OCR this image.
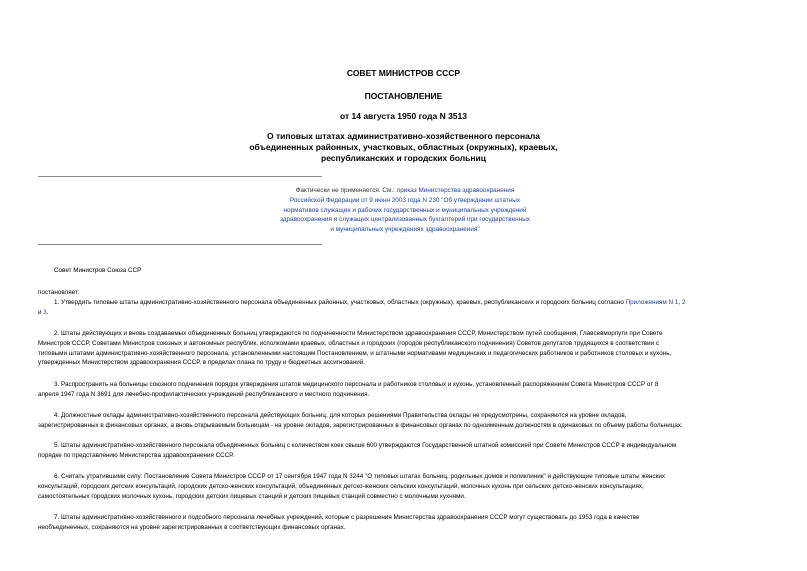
СОВЕТ МИНИСТРОВ СССР
ПОСТАНОВЛЕНИЕ
от 14 августа 1950 года N 3513
О типовых штатах административно-хозяйственного персонала
объединенных районных, участковых, областных (окружных), краевых,
республиканских и городских больниц
Фактически не применяется. См.: приказ Министерства здравоохранения
Российской Федерации от 9 июня 2003 года N 230 "Об утверждении штатных
нормативов служащих и рабочих государственных и муниципальных учреждений
здравоохранения и служащих централизованных бухгалтерий при государственных
и муниципальных учреждениях здравоохранения"
Совет Министров Союза ССР
постановляет:
1. Утвердить типовые штаты административно-хозяйственного персонала объединенных районных, участковых, областных (окружных), краевых, республиканских и городских больниц согласно Приложениям N 1, 2
и 3.
2. Штаты действующих и вновь создаваемых объединенных больниц утверждаются по подчиненности Министерством здравоохранения СССР, Министерством путей сообщения, Главсевморпути при Совете
Министров СССР, Советами Министров союзных и автономных республик, исполкомами краевых, областных и городских (городов республиканского подчинения) Советов депутатов трудящихся в соответствии с
типовыми штатами административно-хозяйственного персонала, установленными настоящим Постановлением, и штатными нормативами медицинских и педагогических работников и работников столовых и кухонь,
утвержденных Министерством здравоохранения СССР, в пределах плана по труду и бюджетных ассигнований.
3. Распространить на больницы союзного подчинения порядок утверждения штатов медицинского персонала и работников столовых и кухонь, установленный распоряжением Совета Министров СССР от 8
апреля 1947 года N 3691 для лечебно-профилактических учреждений республиканского и местного подчинения.
4. Должностные оклады административно-хозяйственного персонала действующих больниц, для которых решениями Правительства оклады не предусмотрены, сохраняются на уровне окладов,
зарегистрированных в финансовых органах, а вновь открываемым больницам - на уровне окладов, зарегистрированных в финансовых органах по одноименным должностям в одинаковых по объему работы больницах.
5. Штаты административно-хозяйственного персонала объединенных больниц с количеством коек свыше 600 утверждаются Государственной штатной комиссией при Совете Министров СССР в индивидуальном
порядке по представлению Министерства здравоохранения СССР.
6. Считать утратившими силу: Постановление Совета Министров СССР от 17 сентября 1947 года N 3244 "О типовых штатах больниц, родильных домов и поликлиник" и действующие типовые штаты женских
консультаций, городских детских консультаций, городских детско-женских консультаций, объединенных детско-женских сельских консультаций, молочных кухонь при сельских детско-женских консультациях,
самостоятельных городских молочных кухонь, городских детских пищевых станций и детских пищевых станций совместно с молочными кухнями.
7. Штаты административно-хозяйственного и подсобного персонала лечебных учреждений, которые с разрешения Министерства здравоохранения СССР могут существовать до 1953 года в качестве
необъединенных, сохраняются на уровне зарегистрированных в соответствующих финансовых органах.
